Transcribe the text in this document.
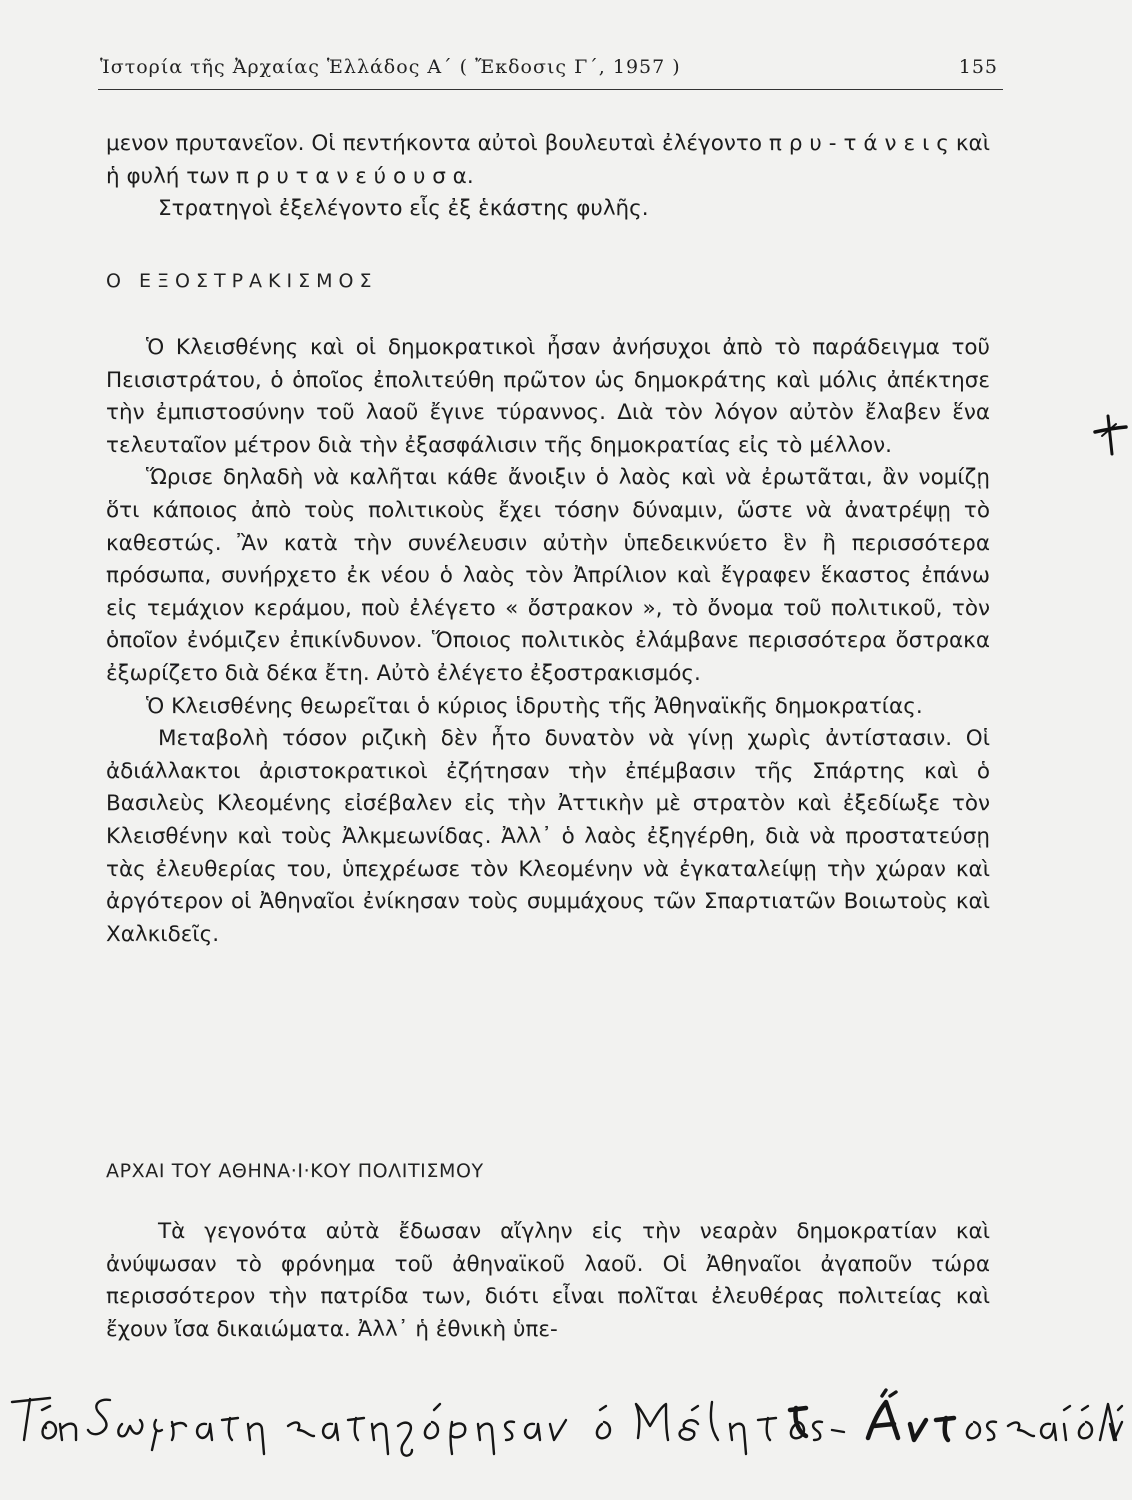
Ἱστορία τῆς Ἀρχαίας Ἑλλάδος Α΄ ( Ἔκδοσις Γ΄, 1957 )	155

μενον πρυτανεῖον. Οἱ πεντήκοντα αὐτοὶ βουλευταὶ ἐλέγοντο π ρ υ - τ ά ν ε ι ς καὶ ἡ φυλή των π ρ υ τ α ν ε ύ ο υ σ α.

Στρατηγοὶ ἐξελέγοντο εἷς ἐξ ἑκάστης φυλῆς.

Ο ΕΞΟΣΤΡΑΚΙΣΜΟΣ

Ὁ Κλεισθένης καὶ οἱ δημοκρατικοὶ ἦσαν ἀνήσυχοι ἀπὸ τὸ παράδειγμα τοῦ Πεισιστράτου, ὁ ὁποῖος ἐπολιτεύθη πρῶτον ὡς δημοκράτης καὶ μόλις ἀπέκτησε τὴν ἐμπιστοσύνην τοῦ λαοῦ ἔγινε τύραννος. Διὰ τὸν λόγον αὐτὸν ἔλαβεν ἕνα τελευταῖον μέτρον διὰ τὴν ἐξασφάλισιν τῆς δημοκρατίας εἰς τὸ μέλλον.

Ὥρισε δηλαδὴ νὰ καλῆται κάθε ἄνοιξιν ὁ λαὸς καὶ νὰ ἐρωτᾶται, ἂν νομίζῃ ὅτι κάποιος ἀπὸ τοὺς πολιτικοὺς ἔχει τόσην δύναμιν, ὥστε νὰ ἀνατρέψῃ τὸ καθεστώς. Ἂν κατὰ τὴν συνέλευσιν αὐτὴν ὑπεδεικνύετο ἓν ἢ περισσότερα πρόσωπα, συνήρχετο ἐκ νέου ὁ λαὸς τὸν Ἀπρίλιον καὶ ἔγραφεν ἕκαστος ἐπάνω εἰς τεμάχιον κεράμου, ποὺ ἐλέγετο « ὄστρακον », τὸ ὄνομα τοῦ πολιτικοῦ, τὸν ὁποῖον ἐνόμιζεν ἐπικίνδυνον. Ὅποιος πολιτικὸς ἐλάμβανε περισσότερα ὄστρακα ἐξωρίζετο διὰ δέκα ἔτη. Αὐτὸ ἐλέγετο ἐξοστρακισμός.

Ὁ Κλεισθένης θεωρεῖται ὁ κύριος ἱδρυτὴς τῆς Ἀθηναϊκῆς δημοκρατίας.

Μεταβολὴ τόσον ριζικὴ δὲν ἦτο δυνατὸν νὰ γίνῃ χωρὶς ἀντίστασιν. Οἱ ἀδιάλλακτοι ἀριστοκρατικοὶ ἐζήτησαν τὴν ἐπέμβασιν τῆς Σπάρτης καὶ ὁ Βασιλεὺς Κλεομένης εἰσέβαλεν εἰς τὴν Ἀττικὴν μὲ στρατὸν καὶ ἐξεδίωξε τὸν Κλεισθένην καὶ τοὺς Ἀλκμεωνίδας. Ἀλλ᾽ ὁ λαὸς ἐξηγέρθη, διὰ νὰ προστατεύσῃ τὰς ἐλευθερίας του, ὑπεχρέωσε τὸν Κλεομένην νὰ ἐγκαταλείψῃ τὴν χώραν καὶ ἀργότερον οἱ Ἀθηναῖοι ἐνίκησαν τοὺς συμμάχους τῶν Σπαρτιατῶν Βοιωτοὺς καὶ Χαλκιδεῖς.

ΑΡΧΑΙ ΤΟΥ ΑΘΗΝΑ·Ι·ΚΟΥ ΠΟΛΙΤΙΣΜΟΥ

Τὰ γεγονότα αὐτὰ ἔδωσαν αἴγλην εἰς τὴν νεαρὰν δημοκρατίαν καὶ ἀνύψωσαν τὸ φρόνημα τοῦ ἀθηναϊκοῦ λαοῦ. Οἱ Ἀθηναῖοι ἀγαποῦν τώρα περισσότερον τὴν πατρίδα των, διότι εἶναι πολῖται ἐλευθέρας πολιτείας καὶ ἔχουν ἴσα δικαιώματα. Ἀλλ᾽ ἡ ἐθνικὴ ὑπε-
